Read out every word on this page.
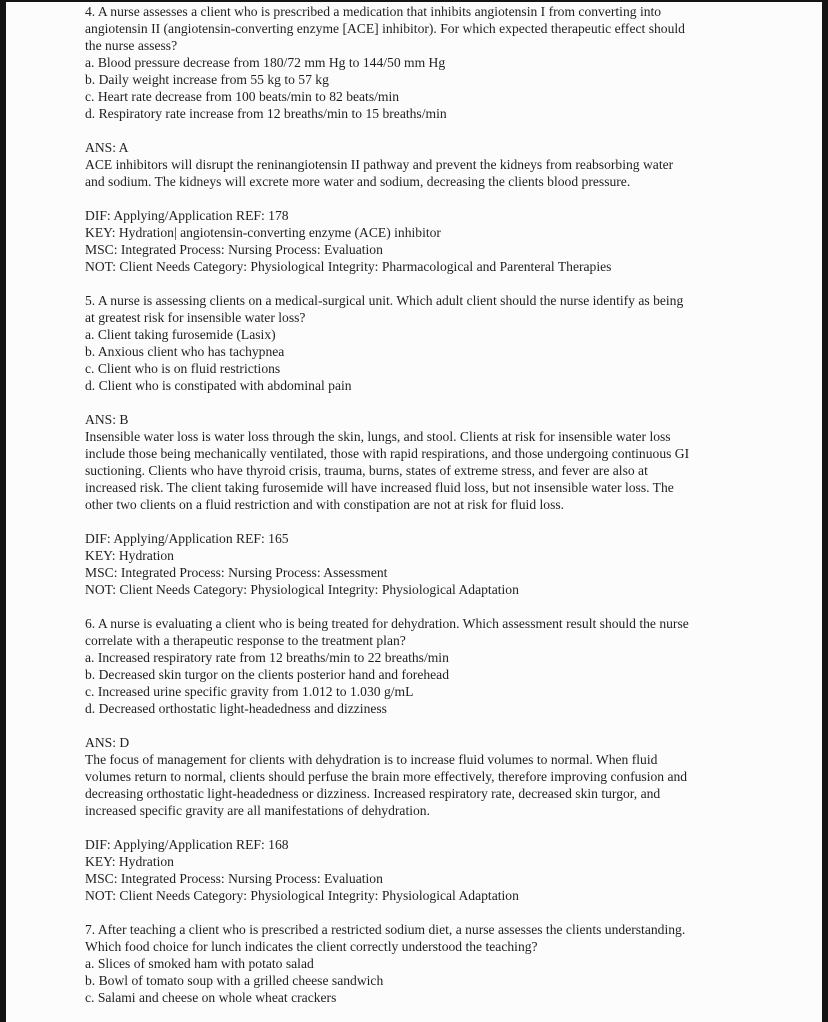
4. A nurse assesses a client who is prescribed a medication that inhibits angiotensin I from converting into
angiotensin II (angiotensin-converting enzyme [ACE] inhibitor). For which expected therapeutic effect should
the nurse assess?
a. Blood pressure decrease from 180/72 mm Hg to 144/50 mm Hg
b. Daily weight increase from 55 kg to 57 kg
c. Heart rate decrease from 100 beats/min to 82 beats/min
d. Respiratory rate increase from 12 breaths/min to 15 breaths/min
ANS: A
ACE inhibitors will disrupt the reninangiotensin II pathway and prevent the kidneys from reabsorbing water
and sodium. The kidneys will excrete more water and sodium, decreasing the clients blood pressure.
DIF: Applying/Application REF: 178
KEY: Hydration| angiotensin-converting enzyme (ACE) inhibitor
MSC: Integrated Process: Nursing Process: Evaluation
NOT: Client Needs Category: Physiological Integrity: Pharmacological and Parenteral Therapies
5. A nurse is assessing clients on a medical-surgical unit. Which adult client should the nurse identify as being
at greatest risk for insensible water loss?
a. Client taking furosemide (Lasix)
b. Anxious client who has tachypnea
c. Client who is on fluid restrictions
d. Client who is constipated with abdominal pain
ANS: B
Insensible water loss is water loss through the skin, lungs, and stool. Clients at risk for insensible water loss
include those being mechanically ventilated, those with rapid respirations, and those undergoing continuous GI
suctioning. Clients who have thyroid crisis, trauma, burns, states of extreme stress, and fever are also at
increased risk. The client taking furosemide will have increased fluid loss, but not insensible water loss. The
other two clients on a fluid restriction and with constipation are not at risk for fluid loss.
DIF: Applying/Application REF: 165
KEY: Hydration
MSC: Integrated Process: Nursing Process: Assessment
NOT: Client Needs Category: Physiological Integrity: Physiological Adaptation
6. A nurse is evaluating a client who is being treated for dehydration. Which assessment result should the nurse
correlate with a therapeutic response to the treatment plan?
a. Increased respiratory rate from 12 breaths/min to 22 breaths/min
b. Decreased skin turgor on the clients posterior hand and forehead
c. Increased urine specific gravity from 1.012 to 1.030 g/mL
d. Decreased orthostatic light-headedness and dizziness
ANS: D
The focus of management for clients with dehydration is to increase fluid volumes to normal. When fluid
volumes return to normal, clients should perfuse the brain more effectively, therefore improving confusion and
decreasing orthostatic light-headedness or dizziness. Increased respiratory rate, decreased skin turgor, and
increased specific gravity are all manifestations of dehydration.
DIF: Applying/Application REF: 168
KEY: Hydration
MSC: Integrated Process: Nursing Process: Evaluation
NOT: Client Needs Category: Physiological Integrity: Physiological Adaptation
7. After teaching a client who is prescribed a restricted sodium diet, a nurse assesses the clients understanding.
Which food choice for lunch indicates the client correctly understood the teaching?
a. Slices of smoked ham with potato salad
b. Bowl of tomato soup with a grilled cheese sandwich
c. Salami and cheese on whole wheat crackers
